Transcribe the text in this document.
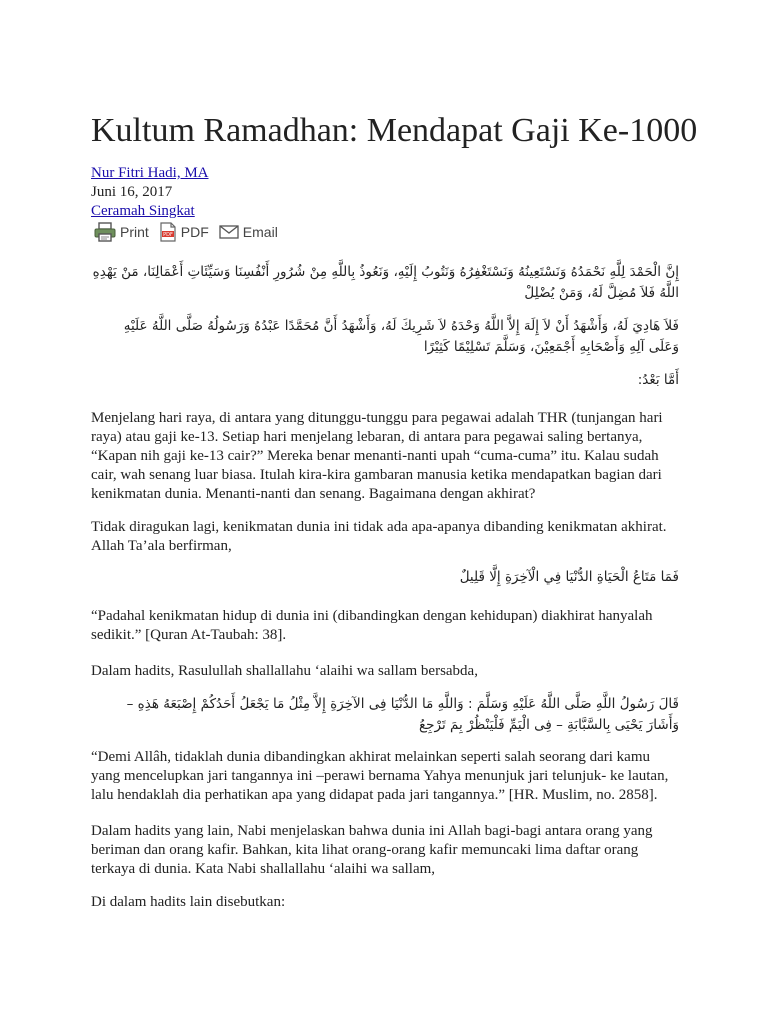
Kultum Ramadhan: Mendapat Gaji Ke-1000
Nur Fitri Hadi, MA
Juni 16, 2017
Ceramah Singkat
Print	PDF PDF Email
إِنَّ الْحَمْدَ لِلَّهِ نَحْمَدُهُ وَنَسْتَعِينُهُ وَنَسْتَغْفِرُهُ وَنَتُوبُ إِلَيْهِ، وَنَعُوذُ بِاللَّهِ مِنْ شُرُورِ أَنْفُسِنَا وَسَيِّئَاتِ أَعْمَالِنَا، مَنْ يَهْدِهِ اللَّهُ فَلاَ مُضِلَّ لَهُ، وَمَنْ يُضْلِلْ
فَلاَ هَادِيَ لَهُ، وَأَشْهَدُ أَنْ لاَ إِلَهَ إِلاَّ اللَّهُ وَحْدَهُ لاَ شَرِيكَ لَهُ، وَأَشْهَدُ أَنَّ مُحَمَّدًا عَبْدُهُ وَرَسُولُهُ صَلَّى اللَّهُ عَلَيْهِ وَعَلَى آلِهِ وَأَصْحَابِهِ أَجْمَعِيْنَ، وَسَلَّمَ تَسْلِيْمًا كَثِيْرًا
أَمَّا بَعْدُ:

Menjelang hari raya, di antara yang ditunggu-tunggu para pegawai adalah THR (tunjangan hari raya) atau gaji ke-13. Setiap hari menjelang lebaran, di antara para pegawai saling bertanya, “Kapan nih gaji ke-13 cair?” Mereka benar menanti-nanti upah “cuma-cuma” itu. Kalau sudah cair, wah senang luar biasa. Itulah kira-kira gambaran manusia ketika mendapatkan bagian dari kenikmatan dunia. Menanti-nanti dan senang. Bagaimana dengan akhirat?

Tidak diragukan lagi, kenikmatan dunia ini tidak ada apa-apanya dibanding kenikmatan akhirat. Allah Ta’ala berfirman,

فَمَا مَتَاعُ الْحَيَاةِ الدُّنْيَا فِي الْآخِرَةِ إِلَّا قَلِيلٌ

“Padahal kenikmatan hidup di dunia ini (dibandingkan dengan kehidupan) diakhirat hanyalah sedikit.” [Quran At-Taubah: 38].

Dalam hadits, Rasulullah shallallahu ‘alaihi wa sallam bersabda,

قَالَ رَسُولُ اللَّهِ صَلَّى اللَّهُ عَلَيْهِ وَسَلَّمَ : وَاللَّهِ مَا الدُّنْيَا فِى الآخِرَةِ إِلاَّ مِثْلُ مَا يَجْعَلُ أَحَدُكُمْ إِصْبَعَهُ هَذِهِ – وَأَشَارَ يَحْيَى بِالسَّبَّابَةِ – فِى الْيَمِّ فَلْيَنْظُرْ بِمَ تَرْجِعُ

“Demi Allâh, tidaklah dunia dibandingkan akhirat melainkan seperti salah seorang dari kamu yang mencelupkan jari tangannya ini –perawi bernama Yahya menunjuk jari telunjuk- ke lautan, lalu hendaklah dia perhatikan apa yang didapat pada jari tangannya.” [HR. Muslim, no. 2858].

Dalam hadits yang lain, Nabi menjelaskan bahwa dunia ini Allah bagi-bagi antara orang yang beriman dan orang kafir. Bahkan, kita lihat orang-orang kafir memuncaki lima daftar orang terkaya di dunia. Kata Nabi shallallahu ‘alaihi wa sallam,

Di dalam hadits lain disebutkan:
